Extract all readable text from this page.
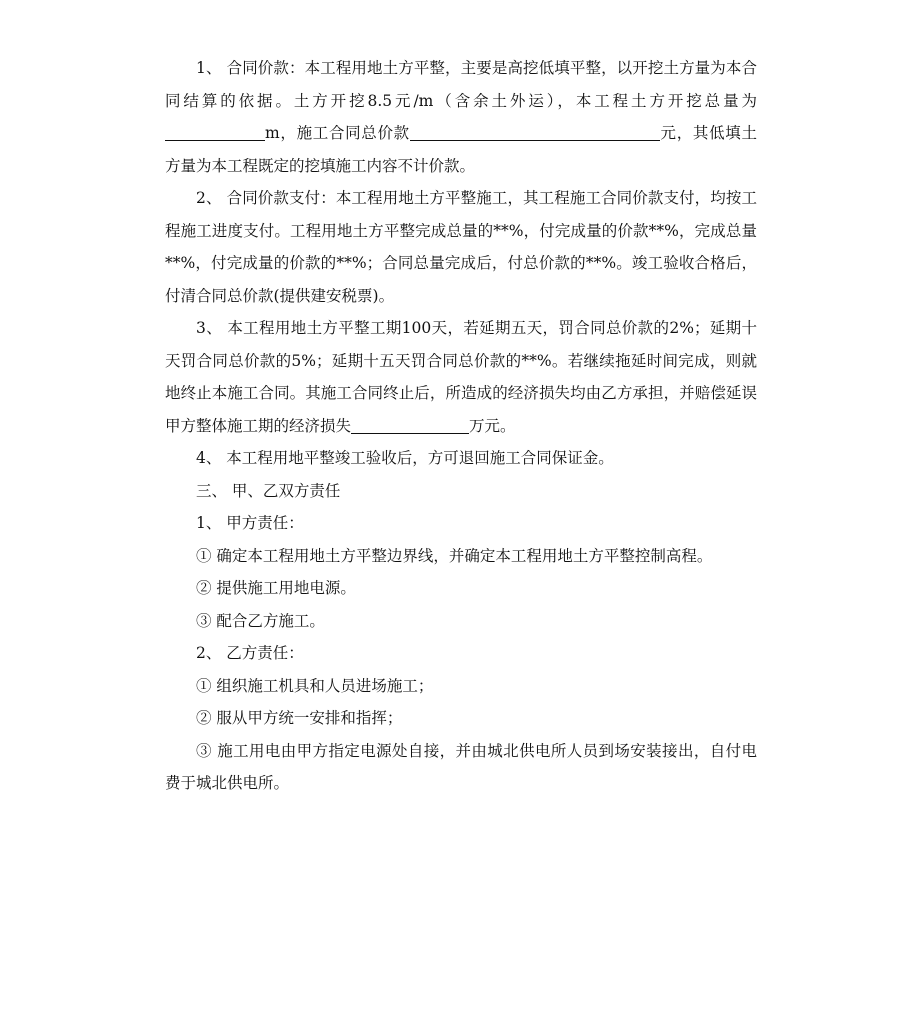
1、 合同价款：本工程用地土方平整，主要是高挖低填平整，以开挖土方量为本合同结算的依据。土方开挖8.5元/m（含余土外运），本工程土方开挖总量为m，施工合同总价款	元，其低填土方量为本工程既定的挖填施工内容不计价款。

2、 合同价款支付：本工程用地土方平整施工，其工程施工合同价款支付，均按工程施工进度支付。工程用地土方平整完成总量的**%，付完成量的价款**%，完成总量**%，付完成量的价款的**%；合同总量完成后，付总价款的**%。竣工验收合格后，付清合同总价款(提供建安税票)。

3、 本工程用地土方平整工期100天，若延期五天，罚合同总价款的2%；延期十天罚合同总价款的5%；延期十五天罚合同总价款的**%。若继续拖延时间完成，则就地终止本施工合同。其施工合同终止后，所造成的经济损失均由乙方承担，并赔偿延误甲方整体施工期的经济损失	万元。

4、 本工程用地平整竣工验收后，方可退回施工合同保证金。

三、 甲、乙双方责任

1、 甲方责任：

① 确定本工程用地土方平整边界线，并确定本工程用地土方平整控制高程。

② 提供施工用地电源。

③ 配合乙方施工。

2、 乙方责任：

① 组织施工机具和人员进场施工；

② 服从甲方统一安排和指挥；

③ 施工用电由甲方指定电源处自接，并由城北供电所人员到场安装接出，自付电费于城北供电所。
